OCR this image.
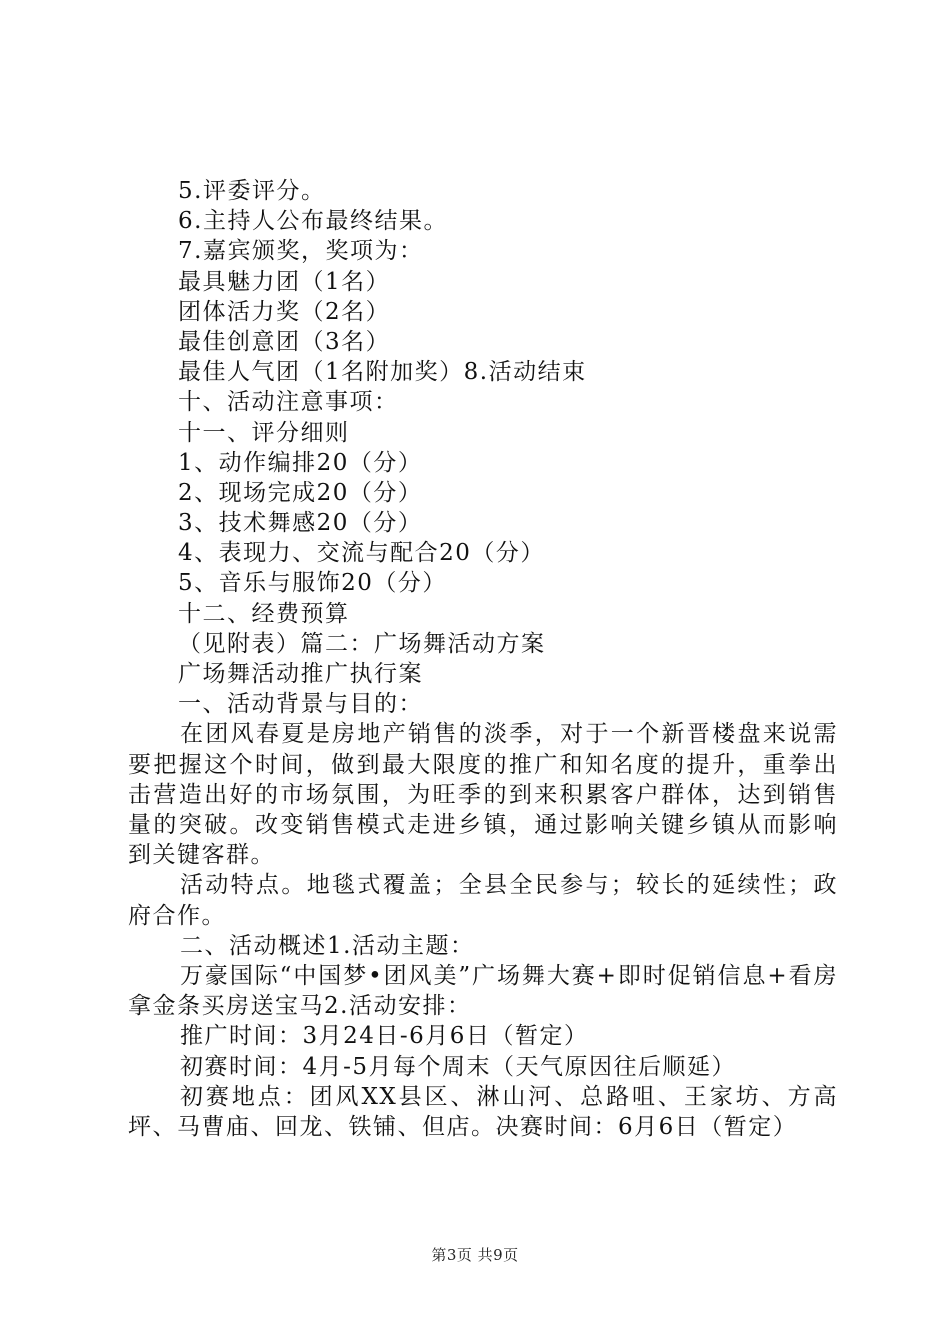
5.评委评分。
6.主持人公布最终结果。
7.嘉宾颁奖，奖项为：
最具魅力团（1名）
团体活力奖（2名）
最佳创意团（3名）
最佳人气团（1名附加奖）8.活动结束
十、活动注意事项：
十一、评分细则
1、动作编排20（分）
2、现场完成20（分）
3、技术舞感20（分）
4、表现力、交流与配合20（分）
5、音乐与服饰20（分）
十二、经费预算
（见附表）篇二：广场舞活动方案
广场舞活动推广执行案
一、活动背景与目的：

在团风春夏是房地产销售的淡季，对于一个新晋楼盘来说需要把握这个时间，做到最大限度的推广和知名度的提升，重拳出击营造出好的市场氛围，为旺季的到来积累客户群体，达到销售量的突破。改变销售模式走进乡镇，通过影响关键乡镇从而影响到关键客群。

活动特点。地毯式覆盖；全县全民参与；较长的延续性；政府合作。

二、活动概述1.活动主题：

万豪国际“中国梦•团风美”广场舞大赛+即时促销信息+看房拿金条买房送宝马2.活动安排：

推广时间：3月24日-6月6日（暂定）

初赛时间：4月-5月每个周末（天气原因往后顺延）

初赛地点：团风XX县区、淋山河、总路咀、王家坊、方高坪、马曹庙、回龙、铁铺、但店。决赛时间：6月6日（暂定）

第3页 共9页
